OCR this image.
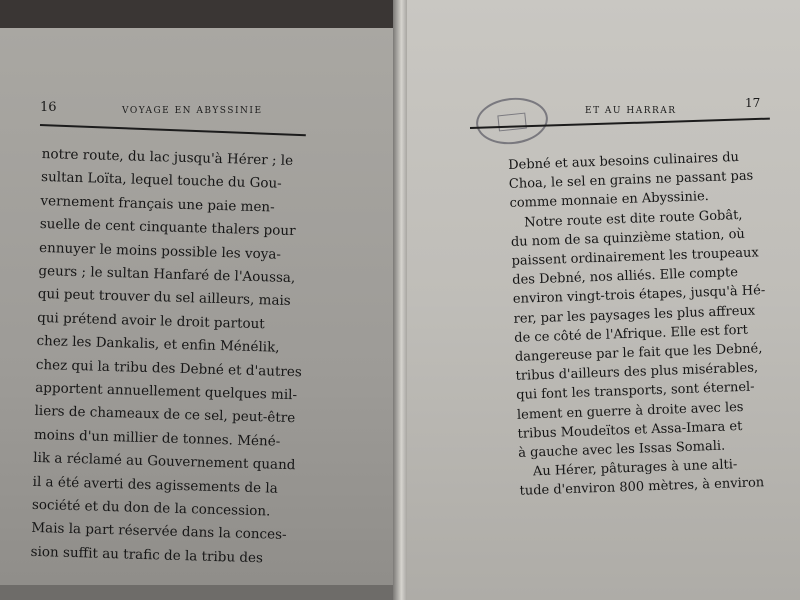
16	VOYAGE EN ABYSSINIE	ET AU HARRAR
17
notre route, du lac jusqu'à Hérer ; le
sultan Loïta, lequel touche du Gou-
vernement français une paie men-
suelle de cent cinquante thalers pour
ennuyer le moins possible les voya-
geurs ; le sultan Hanfaré de l'Aoussa,
qui peut trouver du sel ailleurs, mais
qui prétend avoir le droit partout
chez les Dankalis, et enfin Ménélik,
chez qui la tribu des Debné et d'autres
apportent annuellement quelques mil-
liers de chameaux de ce sel, peut-être
moins d'un millier de tonnes. Méné-
lik a réclamé au Gouvernement quand
il a été averti des agissements de la
société et du don de la concession.
Mais la part réservée dans la conces-
sion suffit au trafic de la tribu des
Debné et aux besoins culinaires du
Choa, le sel en grains ne passant pas
comme monnaie en Abyssinie.
Notre route est dite route Gobât,
du nom de sa quinzième station, où
paissent ordinairement les troupeaux
des Debné, nos alliés. Elle compte
environ vingt-trois étapes, jusqu'à Hé-
rer, par les paysages les plus affreux
de ce côté de l'Afrique. Elle est fort
dangereuse par le fait que les Debné,
tribus d'ailleurs des plus misérables,
qui font les transports, sont éternel-
lement en guerre à droite avec les
tribus Moudeïtos et Assa-Imara et
à gauche avec les Issas Somali.
Au Hérer, pâturages à une alti-
tude d'environ 800 mètres, à environ
